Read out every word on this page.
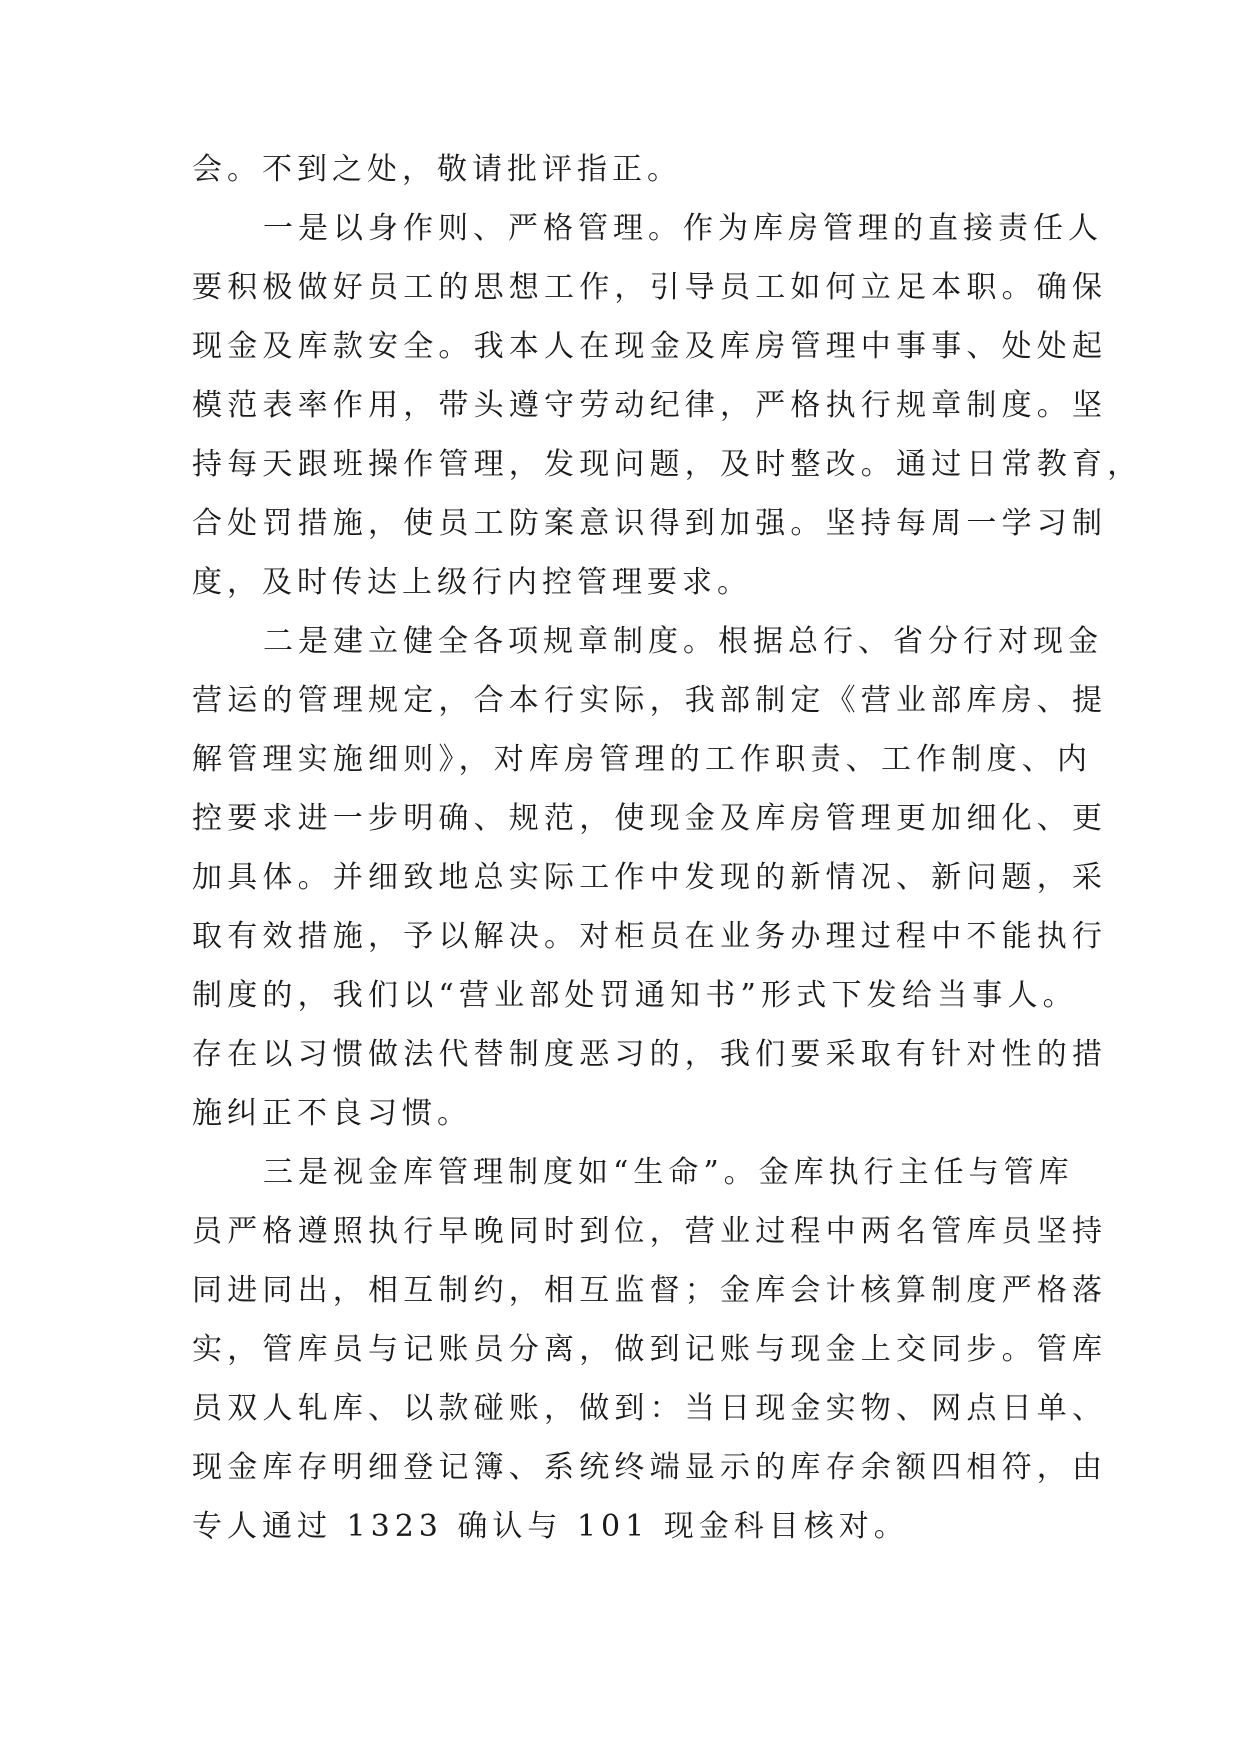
会。不到之处，敬请批评指正。
一是以身作则、严格管理。作为库房管理的直接责任人
要积极做好员工的思想工作，引导员工如何立足本职。确保
现金及库款安全。我本人在现金及库房管理中事事、处处起
模范表率作用，带头遵守劳动纪律，严格执行规章制度。坚
持每天跟班操作管理，发现问题，及时整改。通过日常教育，
合处罚措施，使员工防案意识得到加强。坚持每周一学习制
度，及时传达上级行内控管理要求。
二是建立健全各项规章制度。根据总行、省分行对现金
营运的管理规定，合本行实际，我部制定《营业部库房、提
解管理实施细则》，对库房管理的工作职责、工作制度、内
控要求进一步明确、规范，使现金及库房管理更加细化、更
加具体。并细致地总实际工作中发现的新情况、新问题，采
取有效措施，予以解决。对柜员在业务办理过程中不能执行
制度的，我们以“营业部处罚通知书”形式下发给当事人。
存在以习惯做法代替制度恶习的，我们要采取有针对性的措
施纠正不良习惯。
三是视金库管理制度如“生命”。金库执行主任与管库
员严格遵照执行早晚同时到位，营业过程中两名管库员坚持
同进同出，相互制约，相互监督；金库会计核算制度严格落
实，管库员与记账员分离，做到记账与现金上交同步。管库
员双人轧库、以款碰账，做到：当日现金实物、网点日单、
现金库存明细登记簿、系统终端显示的库存余额四相符，由
专人通过 1323 确认与 101 现金科目核对。
